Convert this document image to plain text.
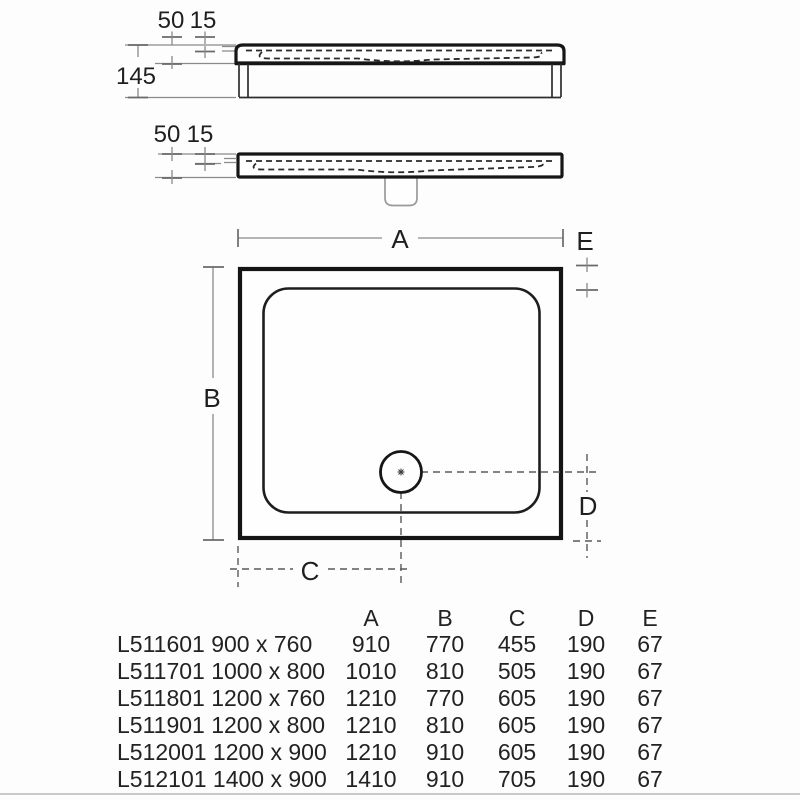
50 15
145
50 15
A	E
B
D
C
A	B C D E
L511601 900 x 760 910 770 455 190 67
L511701 1000 x 800 1010 810 505 190 67
L511801 1200 x 760 1210 770 605 190 67
L511901 1200 x 800 1210 810 605 190 67
L512001 1200 x 900 1210 910 605 190 67
L512101 1400 x 900 1410 910 705 190 67
